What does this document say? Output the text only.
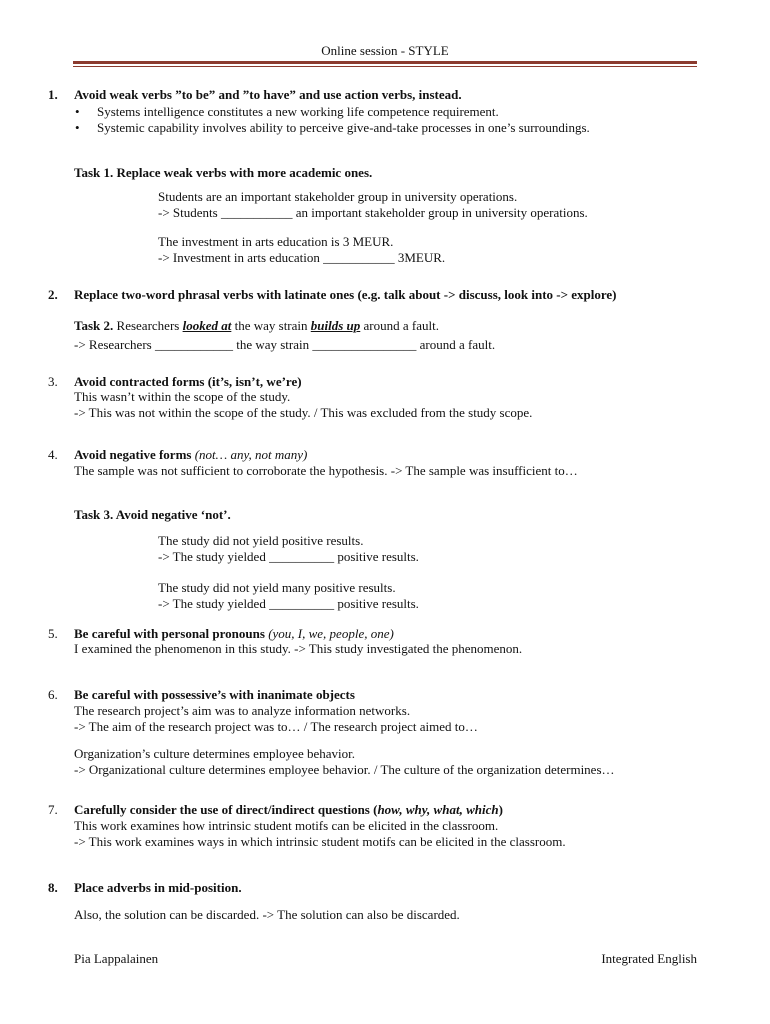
Online session - STYLE
1. Avoid weak verbs ”to be” and ”to have” and use action verbs, instead.
• Systems intelligence constitutes a new working life competence requirement.
• Systemic capability involves ability to perceive give-and-take processes in one’s surroundings.
Task 1. Replace weak verbs with more academic ones.
Students are an important stakeholder group in university operations.
-> Students ___________ an important stakeholder group in university operations.
The investment in arts education is 3 MEUR.
-> Investment in arts education ___________ 3MEUR.
2. Replace two-word phrasal verbs with latinate ones (e.g. talk about -> discuss, look into -> explore)
Task 2. Researchers looked at the way strain builds up around a fault.
-> Researchers ____________ the way strain ________________ around a fault.
3. Avoid contracted forms (it’s, isn’t, we’re)
This wasn’t within the scope of the study.
-> This was not within the scope of the study. / This was excluded from the study scope.
4. Avoid negative forms (not… any, not many)
The sample was not sufficient to corroborate the hypothesis. -> The sample was insufficient to…
Task 3. Avoid negative ‘not’.
The study did not yield positive results.
-> The study yielded __________ positive results.
The study did not yield many positive results.
-> The study yielded __________ positive results.
5. Be careful with personal pronouns (you, I, we, people, one)
I examined the phenomenon in this study. -> This study investigated the phenomenon.
6. Be careful with possessive’s with inanimate objects
The research project’s aim was to analyze information networks.
-> The aim of the research project was to… / The research project aimed to…
Organization’s culture determines employee behavior.
-> Organizational culture determines employee behavior. / The culture of the organization determines…
7. Carefully consider the use of direct/indirect questions (how, why, what, which)
This work examines how intrinsic student motifs can be elicited in the classroom.
-> This work examines ways in which intrinsic student motifs can be elicited in the classroom.
8. Place adverbs in mid-position.
Also, the solution can be discarded. -> The solution can also be discarded.
Pia Lappalainen	Integrated English
